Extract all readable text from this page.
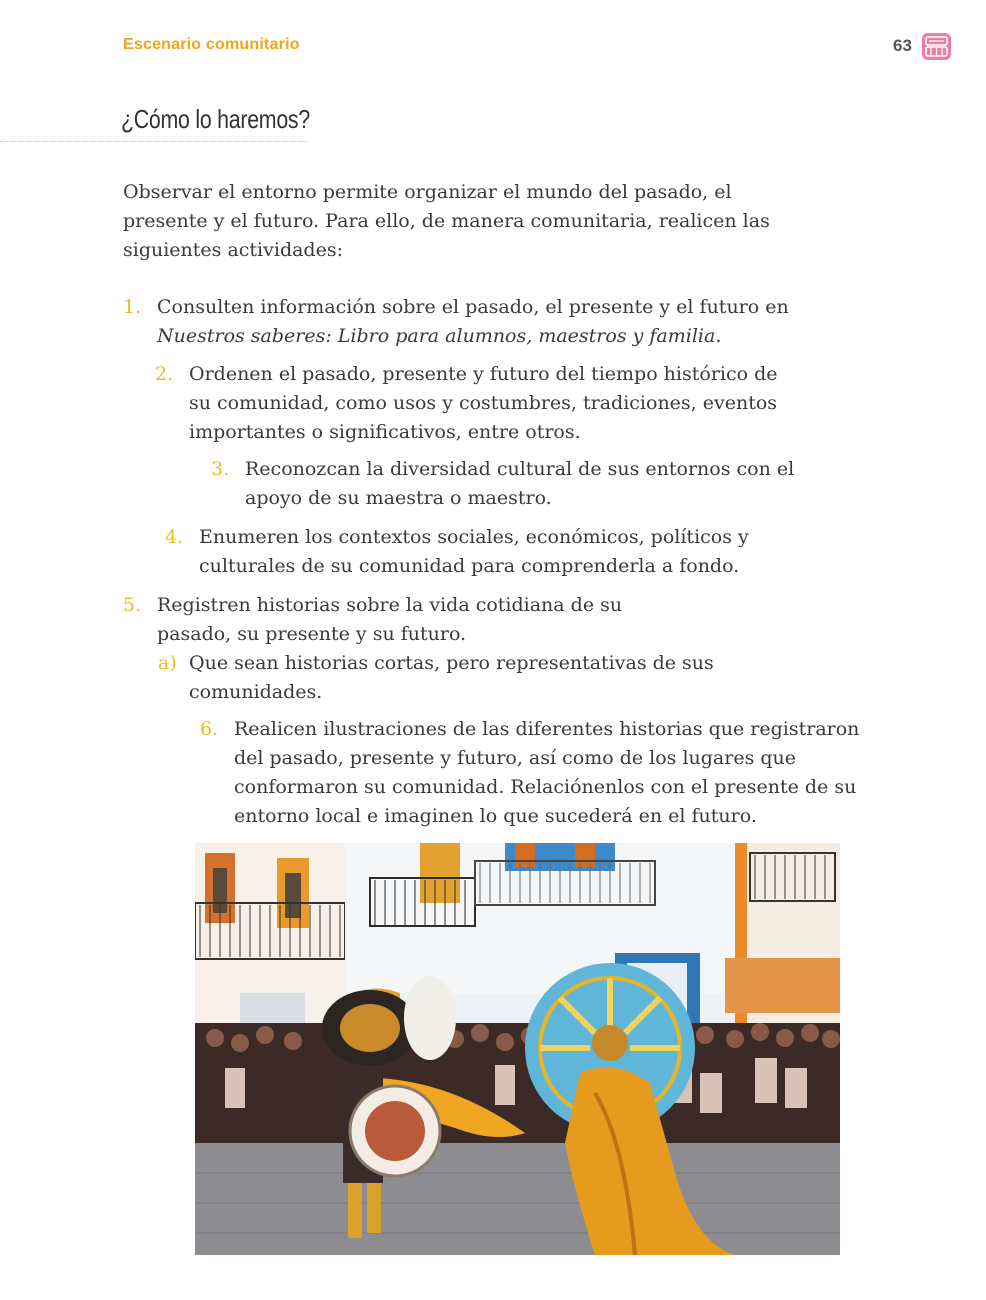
Escenario comunitario	63
¿Cómo lo haremos?

Observar el entorno permite organizar el mundo del pasado, el presente y el futuro. Para ello, de manera comunitaria, realicen las siguientes actividades:

1. Consulten información sobre el pasado, el presente y el futuro en Nuestros saberes: Libro para alumnos, maestros y familia.
2. Ordenen el pasado, presente y futuro del tiempo histórico de su comunidad, como usos y costumbres, tradiciones, eventos importantes o significativos, entre otros.
3. Reconozcan la diversidad cultural de sus entornos con el apoyo de su maestra o maestro.
4. Enumeren los contextos sociales, económicos, políticos y culturales de su comunidad para comprenderla a fondo.
5. Registren historias sobre la vida cotidiana de su pasado, su presente y su futuro.
a) Que sean historias cortas, pero representativas de sus comunidades.
6. Realicen ilustraciones de las diferentes historias que registraron del pasado, presente y futuro, así como de los lugares que conformaron su comunidad. Relaciónenlos con el presente de su entorno local e imaginen lo que sucederá en el futuro.
